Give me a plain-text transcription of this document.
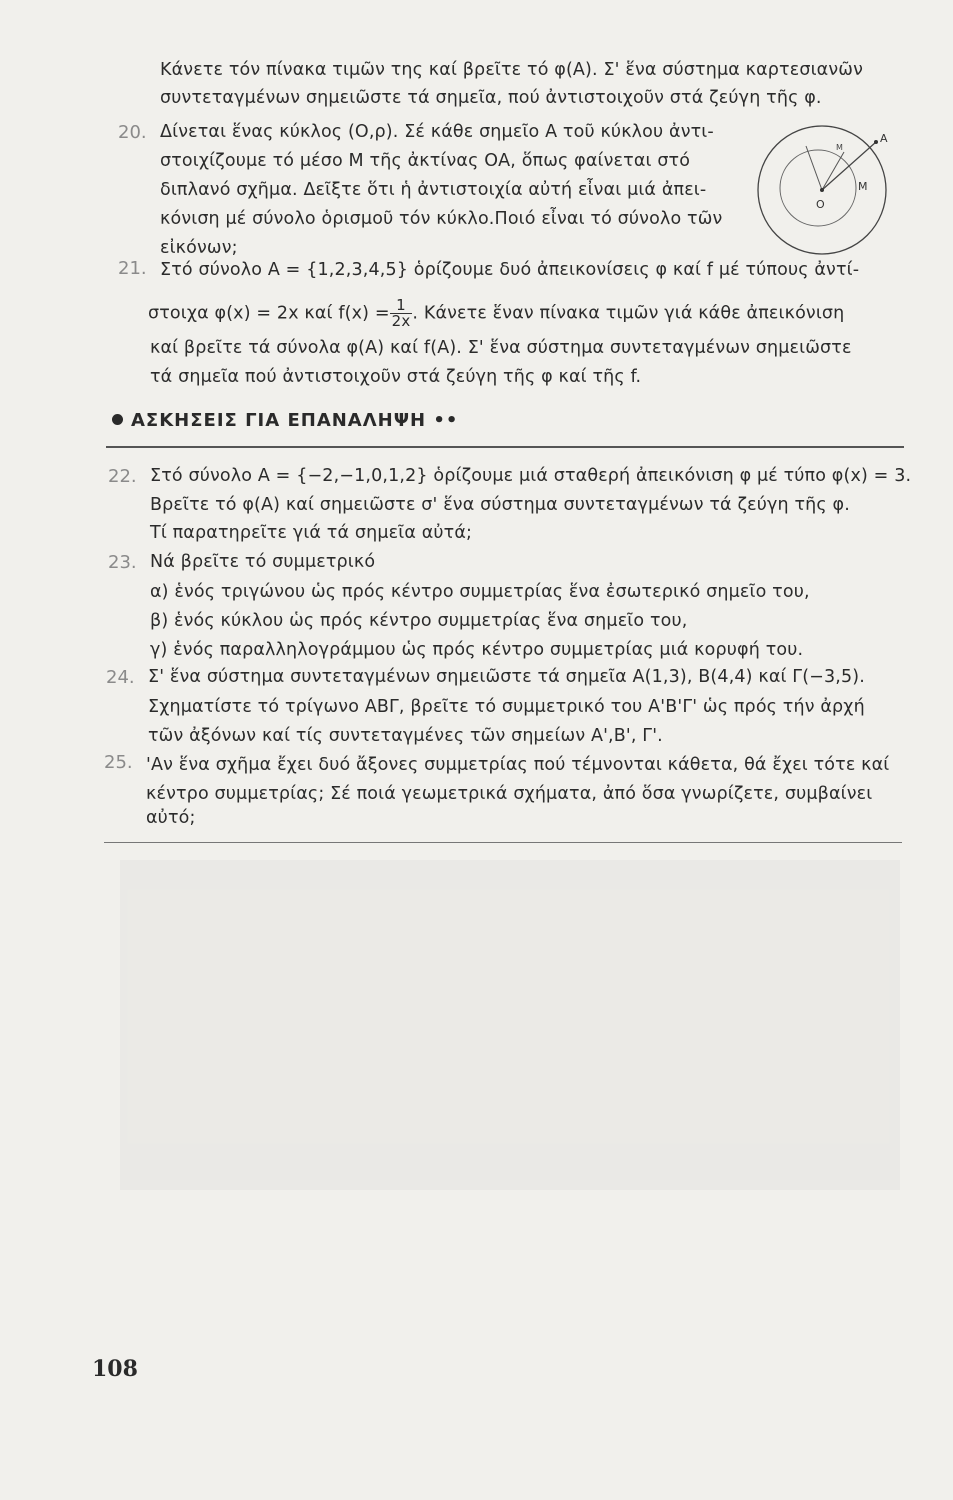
Κάνετε τόν πίνακα τιμῶν της καί βρεῖτε τό φ(Α). Σ' ἕνα σύστημα καρτεσιανῶν

συντεταγμένων σημειῶστε τά σημεῖα, πού ἀντιστοιχοῦν στά ζεύγη τῆς φ.

20. Δίνεται ἕνας κύκλος (Ο,ρ). Σέ κάθε σημεῖο Α τοῦ κύκλου ἀντι-

στοιχίζουμε τό μέσο Μ τῆς ἀκτίνας ΟΑ, ὅπως φαίνεται στό

διπλανό σχῆμα. Δεῖξτε ὅτι ἡ ἀντιστοιχία αὐτή εἶναι μιά ἀπει-

κόνιση μέ σύνολο ὁρισμοῦ τόν κύκλο.Ποιό εἶναι τό σύνολο τῶν

εἰκόνων;

A
M
M
O

21. Στό σύνολο A = {1,2,3,4,5} ὁρίζουμε δυό ἀπεικονίσεις φ καί f μέ τύπους ἀντί-

στοιχα φ(x) = 2x καί $f(x) = \frac{1}{2x}$ . Κάνετε ἕναν πίνακα τιμῶν γιά κάθε ἀπεικόνιση

καί βρεῖτε τά σύνολα φ(Α) καί f(A). Σ' ἕνα σύστημα συντεταγμένων σημειῶστε

τά σημεῖα πού ἀντιστοιχοῦν στά ζεύγη τῆς φ καί τῆς f.

ΑΣΚΗΣΕΙΣ ΓΙΑ ΕΠΑΝΑΛΗΨΗ ••

22. Στό σύνολο A = {−2,−1,0,1,2} ὁρίζουμε μιά σταθερή ἀπεικόνιση φ μέ τύπο φ(x) = 3.

Βρεῖτε τό φ(Α) καί σημειῶστε σ' ἕνα σύστημα συντεταγμένων τά ζεύγη τῆς φ.

Τί παρατηρεῖτε γιά τά σημεῖα αὐτά;

23. Νά βρεῖτε τό συμμετρικό

α) ἑνός τριγώνου ὡς πρός κέντρο συμμετρίας ἕνα ἐσωτερικό σημεῖο του,

β) ἑνός κύκλου ὡς πρός κέντρο συμμετρίας ἕνα σημεῖο του,

γ) ἑνός παραλληλογράμμου ὡς πρός κέντρο συμμετρίας μιά κορυφή του.

24. Σ' ἕνα σύστημα συντεταγμένων σημειῶστε τά σημεῖα Α(1,3), Β(4,4) καί Γ(−3,5).

Σχηματίστε τό τρίγωνο ΑΒΓ, βρεῖτε τό συμμετρικό του Α'Β'Γ' ὡς πρός τήν ἀρχή

τῶν ἀξόνων καί τίς συντεταγμένες τῶν σημείων Α',Β', Γ'.

25. 'Αν ἕνα σχῆμα ἔχει δυό ἄξονες συμμετρίας πού τέμνονται κάθετα, θά ἔχει τότε καί

κέντρο συμμετρίας; Σέ ποιά γεωμετρικά σχήματα, ἀπό ὅσα γνωρίζετε, συμβαίνει

αὐτό;

108
